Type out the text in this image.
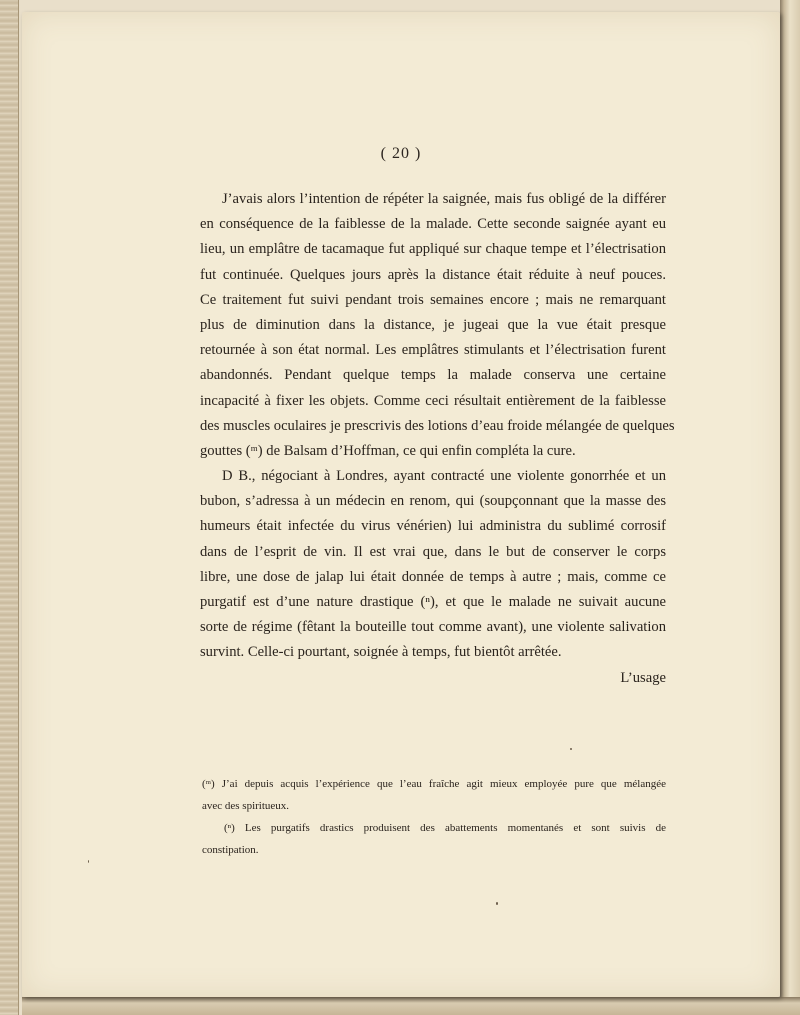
( 20 )
J’avais alors l’intention de répéter la saignée, mais fus obligé de la différer
en conséquence de la faiblesse de la malade. Cette seconde saignée ayant eu
lieu, un emplâtre de tacamaque fut appliqué sur chaque tempe et l’électrisation
fut continuée. Quelques jours après la distance était réduite à neuf pouces.
Ce traitement fut suivi pendant trois semaines encore ; mais ne remarquant
plus de diminution dans la distance, je jugeai que la vue était presque
retournée à son état normal. Les emplâtres stimulants et l’électrisation furent
abandonnés. Pendant quelque temps la malade conserva une certaine
incapacité à fixer les objets. Comme ceci résultait entièrement de la faiblesse
des muscles oculaires je prescrivis des lotions d’eau froide mélangée de quelques
gouttes (ᵐ) de Balsam d’Hoffman, ce qui enfin compléta la cure.
D B., négociant à Londres, ayant contracté une violente gonorrhée et un
bubon, s’adressa à un médecin en renom, qui (soupçonnant que la masse des
humeurs était infectée du virus vénérien) lui administra du sublimé corrosif
dans de l’esprit de vin. Il est vrai que, dans le but de conserver le corps
libre, une dose de jalap lui était donnée de temps à autre ; mais, comme ce
purgatif est d’une nature drastique (ⁿ), et que le malade ne suivait aucune
sorte de régime (fêtant la bouteille tout comme avant), une violente salivation
survint. Celle-ci pourtant, soignée à temps, fut bientôt arrêtée.
L’usage
(ᵐ) J’ai depuis acquis l’expérience que l’eau fraîche agit mieux employée pure que mélangée
avec des spiritueux.
(ⁿ) Les purgatifs drastics produisent des abattements momentanés et sont suivis de
constipation.
